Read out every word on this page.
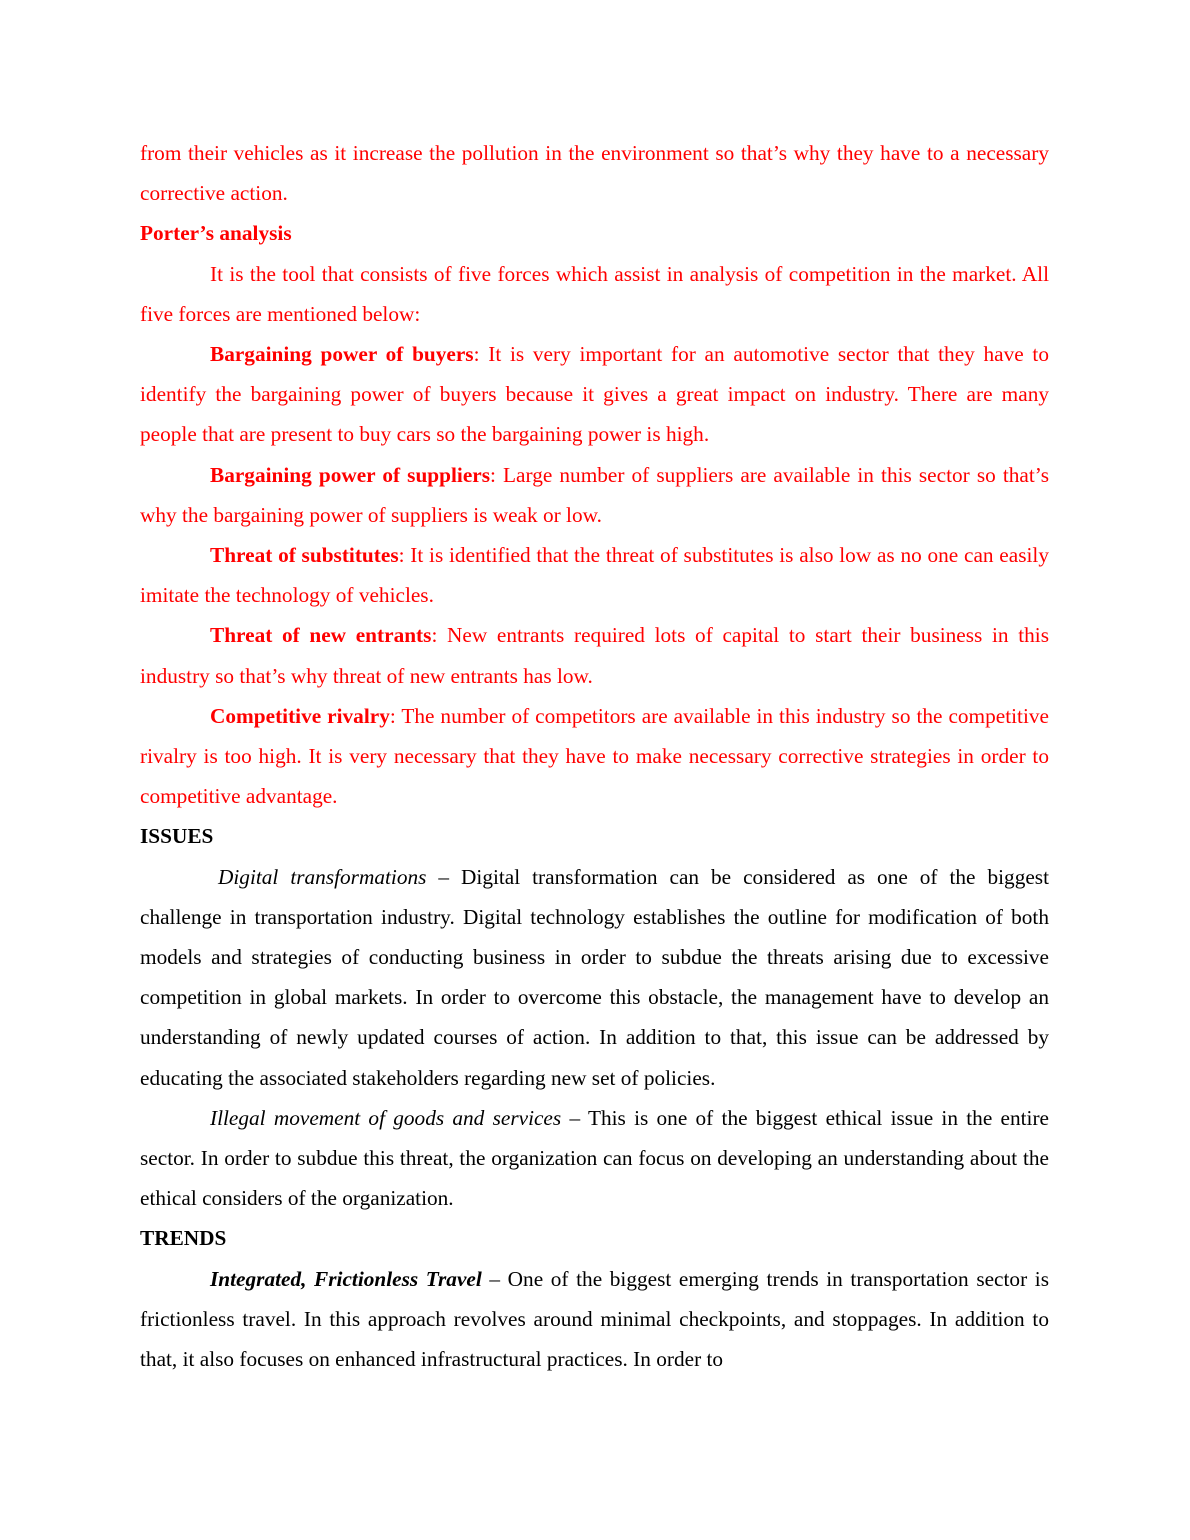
from their vehicles as it increase the pollution in the environment so that’s why they have to a necessary corrective action.

Porter’s analysis

It is the tool that consists of five forces which assist in analysis of competition in the market. All five forces are mentioned below:

Bargaining power of buyers: It is very important for an automotive sector that they have to identify the bargaining power of buyers because it gives a great impact on industry. There are many people that are present to buy cars so the bargaining power is high.

Bargaining power of suppliers: Large number of suppliers are available in this sector so that’s why the bargaining power of suppliers is weak or low.

Threat of substitutes: It is identified that the threat of substitutes is also low as no one can easily imitate the technology of vehicles.

Threat of new entrants: New entrants required lots of capital to start their business in this industry so that’s why threat of new entrants has low.

Competitive rivalry: The number of competitors are available in this industry so the competitive rivalry is too high. It is very necessary that they have to make necessary corrective strategies in order to competitive advantage.

ISSUES

Digital transformations – Digital transformation can be considered as one of the biggest challenge in transportation industry. Digital technology establishes the outline for modification of both models and strategies of conducting business in order to subdue the threats arising due to excessive competition in global markets. In order to overcome this obstacle, the management have to develop an understanding of newly updated courses of action. In addition to that, this issue can be addressed by educating the associated stakeholders regarding new set of policies.

Illegal movement of goods and services – This is one of the biggest ethical issue in the entire sector. In order to subdue this threat, the organization can focus on developing an understanding about the ethical considers of the organization.

TRENDS

Integrated, Frictionless Travel – One of the biggest emerging trends in transportation sector is frictionless travel. In this approach revolves around minimal checkpoints, and stoppages. In addition to that, it also focuses on enhanced infrastructural practices. In order to
